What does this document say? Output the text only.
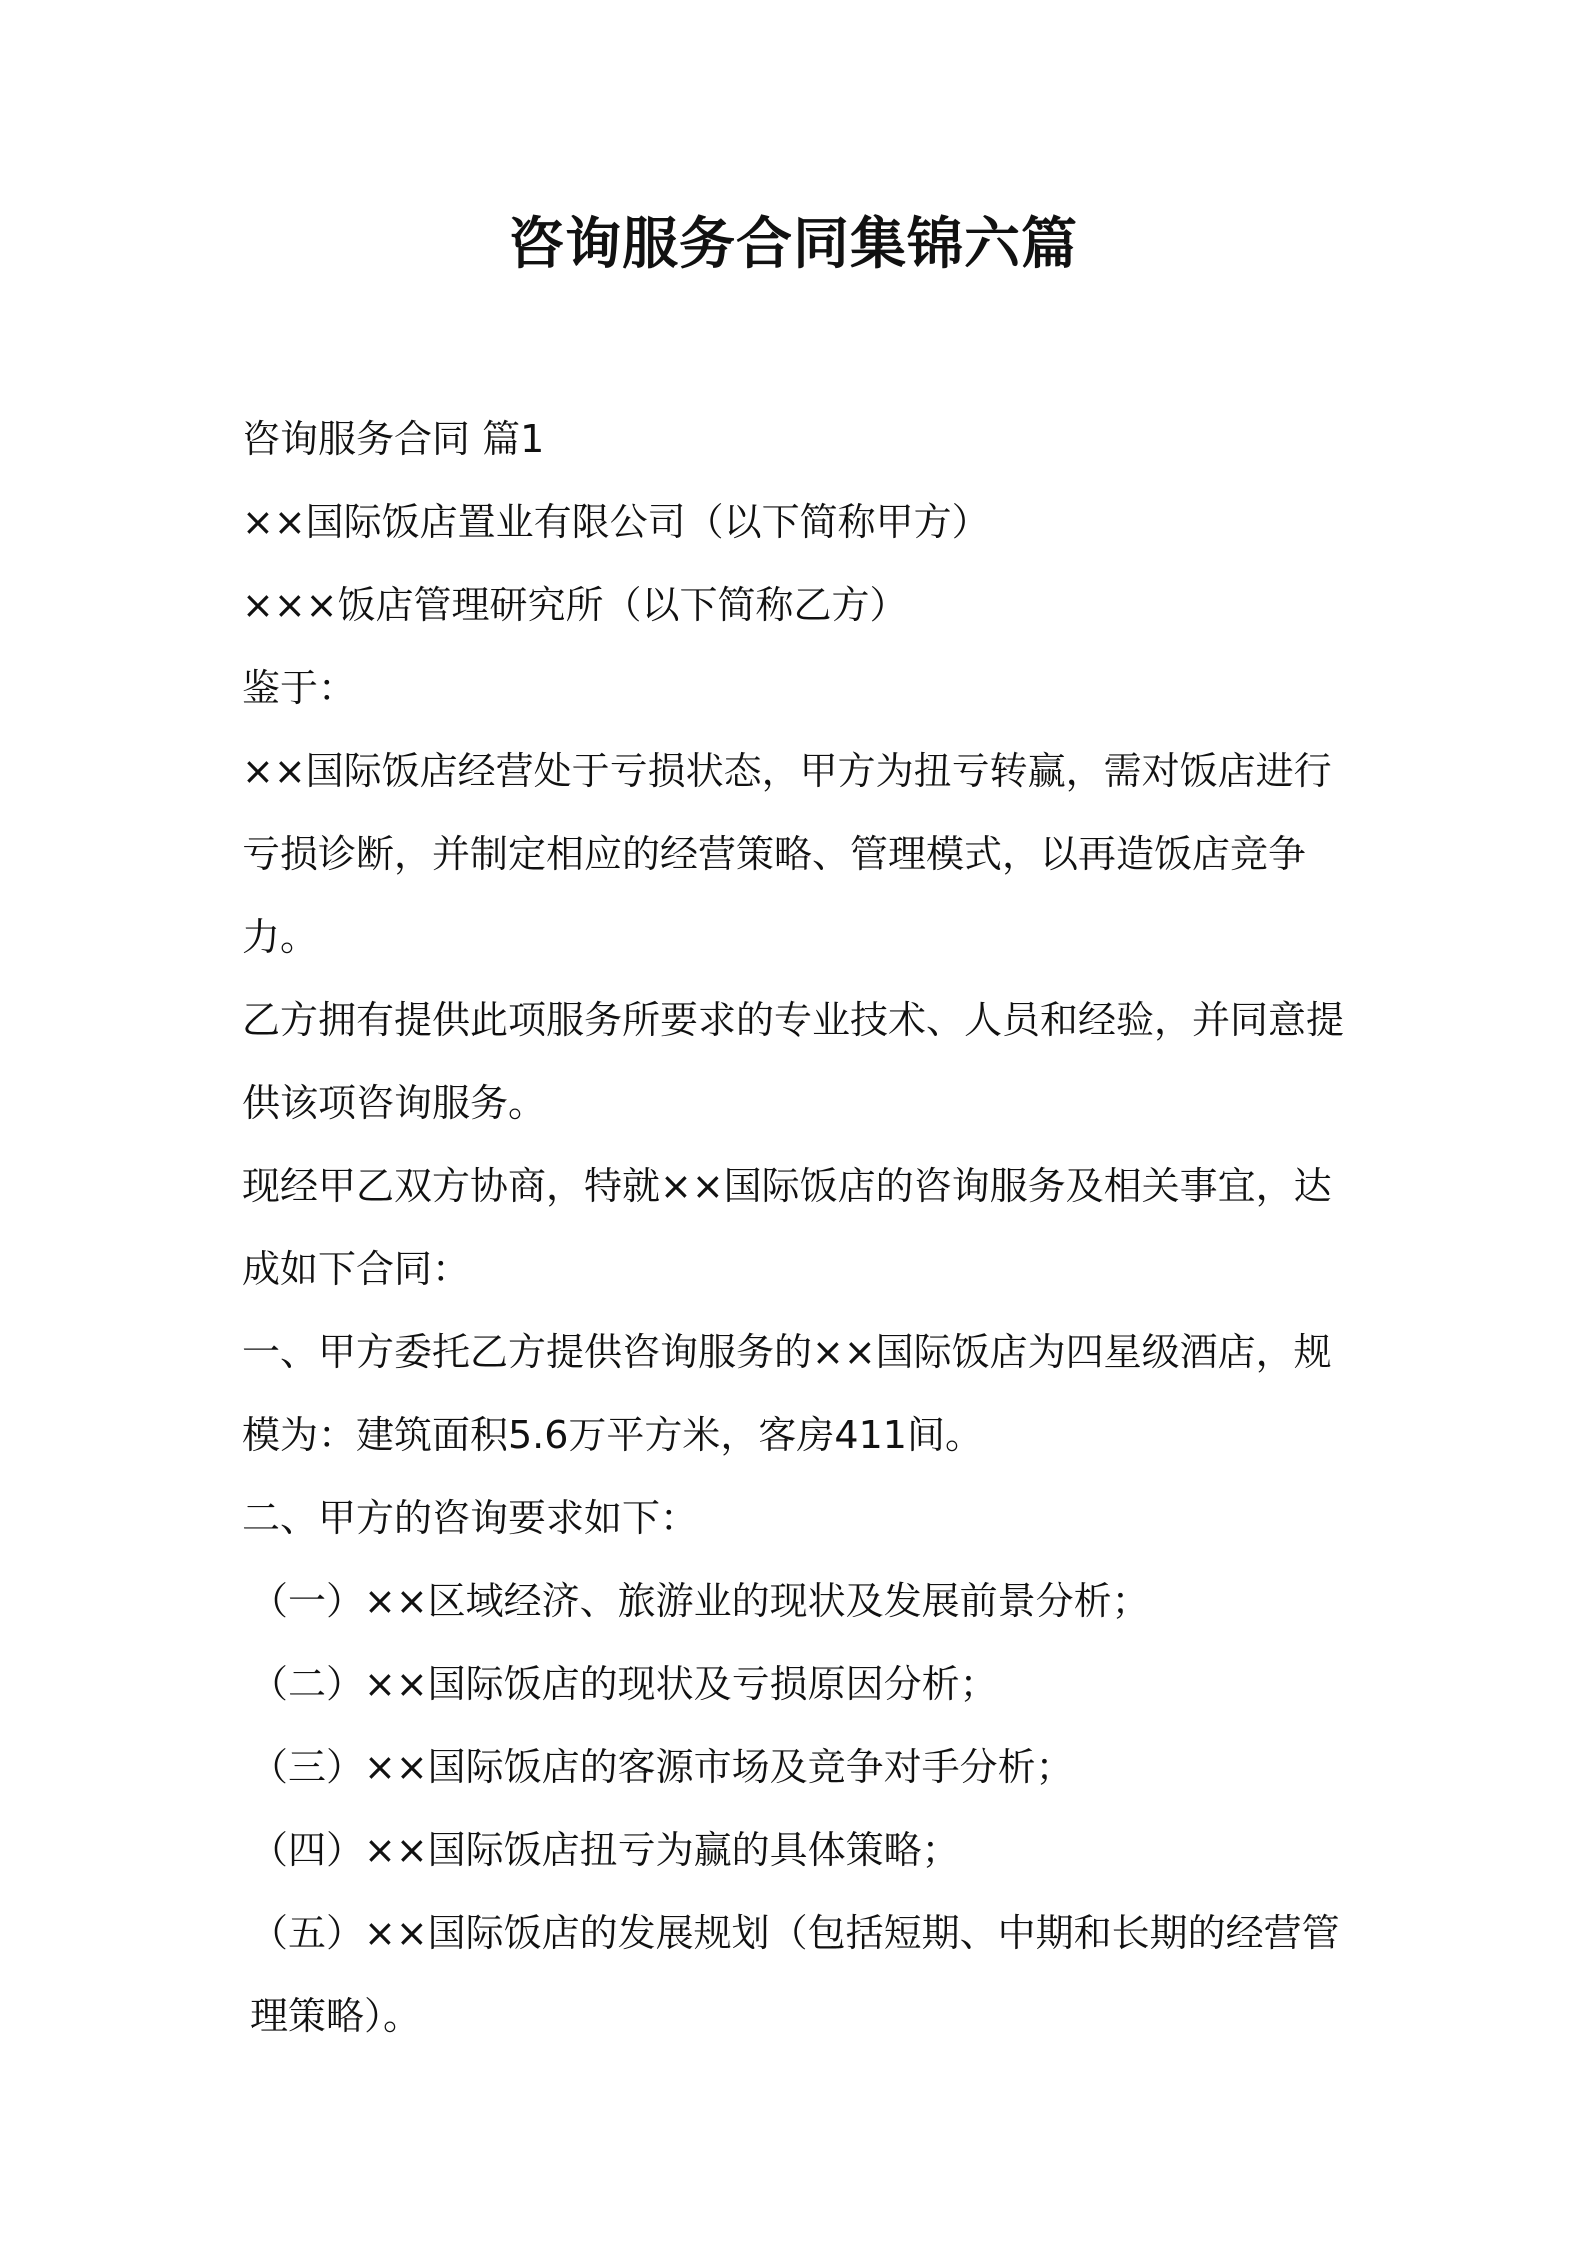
咨询服务合同集锦六篇

咨询服务合同 篇1

××国际饭店置业有限公司（以下简称甲方）

×××饭店管理研究所（以下简称乙方）

鉴于：

××国际饭店经营处于亏损状态，甲方为扭亏转赢，需对饭店进行亏损诊断，并制定相应的经营策略、管理模式，以再造饭店竞争力。

乙方拥有提供此项服务所要求的专业技术、人员和经验，并同意提供该项咨询服务。

现经甲乙双方协商，特就××国际饭店的咨询服务及相关事宜，达成如下合同：

一、甲方委托乙方提供咨询服务的××国际饭店为四星级酒店，规模为：建筑面积5.6万平方米，客房411间。

二、甲方的咨询要求如下：

（一）××区域经济、旅游业的现状及发展前景分析；

（二）××国际饭店的现状及亏损原因分析；

（三）××国际饭店的客源市场及竞争对手分析；

（四）××国际饭店扭亏为赢的具体策略；

（五）××国际饭店的发展规划（包括短期、中期和长期的经营管理策略）。
